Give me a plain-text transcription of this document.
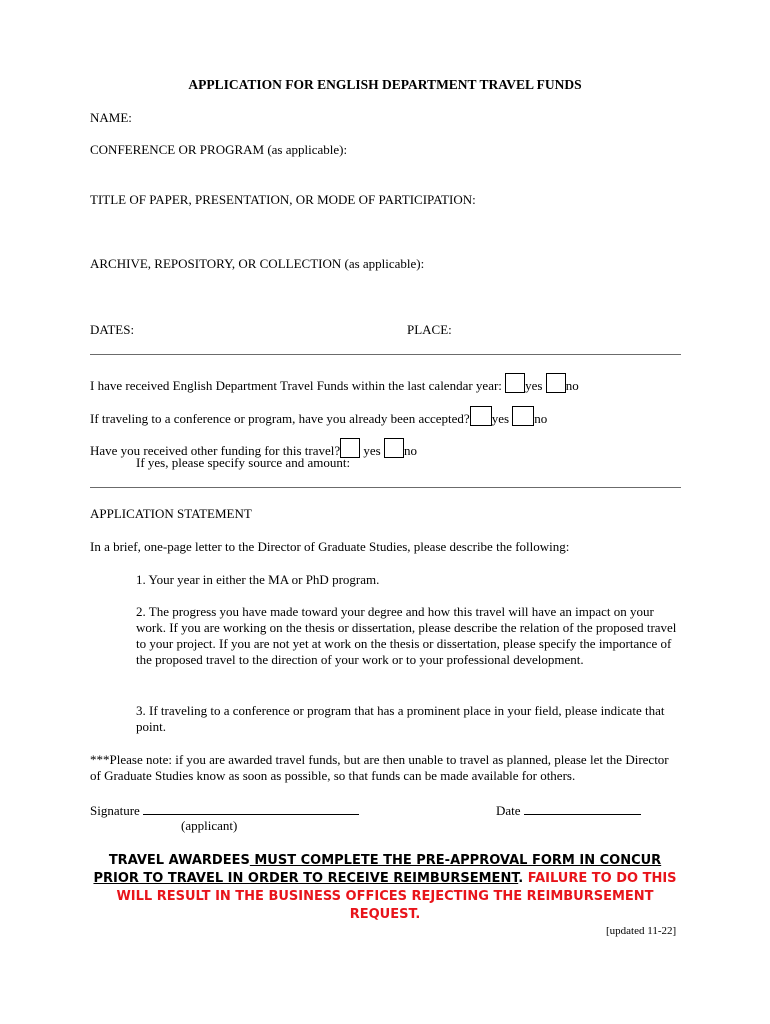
APPLICATION FOR ENGLISH DEPARTMENT TRAVEL FUNDS
NAME:
CONFERENCE OR PROGRAM (as applicable):
TITLE OF PAPER, PRESENTATION, OR MODE OF PARTICIPATION:
ARCHIVE, REPOSITORY, OR COLLECTION (as applicable):
DATES:	PLACE:
I have received English Department Travel Funds within the last calendar year: yes no
If traveling to a conference or program, have you already been accepted? yes no
Have you received other funding for this travel? yes no
If yes, please specify source and amount:
APPLICATION STATEMENT
In a brief, one-page letter to the Director of Graduate Studies, please describe the following:
1. Your year in either the MA or PhD program.
2. The progress you have made toward your degree and how this travel will have an impact on your work. If you are working on the thesis or dissertation, please describe the relation of the proposed travel to your project. If you are not yet at work on the thesis or dissertation, please specify the importance of the proposed travel to the direction of your work or to your professional development.
3. If traveling to a conference or program that has a prominent place in your field, please indicate that point.
***Please note: if you are awarded travel funds, but are then unable to travel as planned, please let the Director of Graduate Studies know as soon as possible, so that funds can be made available for others.
Signature
(applicant)
Date
TRAVEL AWARDEES MUST COMPLETE THE PRE-APPROVAL FORM IN CONCUR PRIOR TO TRAVEL IN ORDER TO RECEIVE REIMBURSEMENT. FAILURE TO DO THIS WILL RESULT IN THE BUSINESS OFFICES REJECTING THE REIMBURSEMENT REQUEST.
[updated 11-22]
